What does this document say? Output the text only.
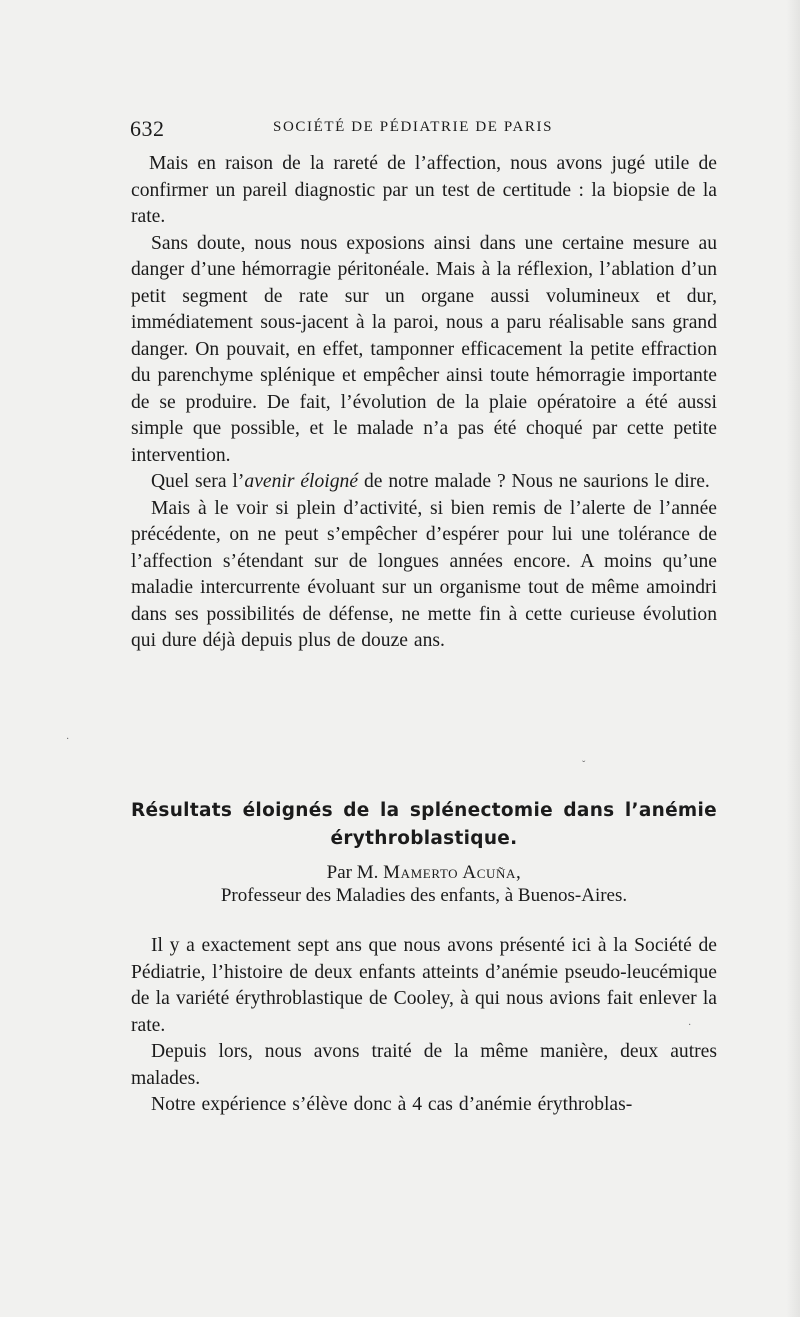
632	SOCIÉTÉ DE PÉDIATRIE DE PARIS

Mais en raison de la rareté de l’affection, nous avons jugé utile de confirmer un pareil diagnostic par un test de certitude : la biopsie de la rate.

Sans doute, nous nous exposions ainsi dans une certaine mesure au danger d’une hémorragie péritonéale. Mais à la réflexion, l’ablation d’un petit segment de rate sur un organe aussi volumineux et dur, immédiatement sous-jacent à la paroi, nous a paru réalisable sans grand danger. On pouvait, en effet, tamponner efficacement la petite effraction du parenchyme splénique et empêcher ainsi toute hémorragie importante de se produire. De fait, l’évolution de la plaie opératoire a été aussi simple que possible, et le malade n’a pas été choqué par cette petite intervention.

Quel sera l’avenir éloigné de notre malade ? Nous ne saurions le dire.

Mais à le voir si plein d’activité, si bien remis de l’alerte de l’année précédente, on ne peut s’empêcher d’espérer pour lui une tolérance de l’affection s’étendant sur de longues années encore. A moins qu’une maladie intercurrente évoluant sur un organisme tout de même amoindri dans ses possibilités de défense, ne mette fin à cette curieuse évolution qui dure déjà depuis plus de douze ans.

Résultats éloignés de la splénectomie dans l’anémie
érythroblastique.
Par M. Mamerto Acuña,
Professeur des Maladies des enfants, à Buenos-Aires.

Il y a exactement sept ans que nous avons présenté ici à la Société de Pédiatrie, l’histoire de deux enfants atteints d’anémie pseudo-leucémique de la variété érythroblastique de Cooley, à qui nous avions fait enlever la rate.

Depuis lors, nous avons traité de la même manière, deux autres malades.

Notre expérience s’élève donc à 4 cas d’anémie érythroblas-

·
ˇ
·
